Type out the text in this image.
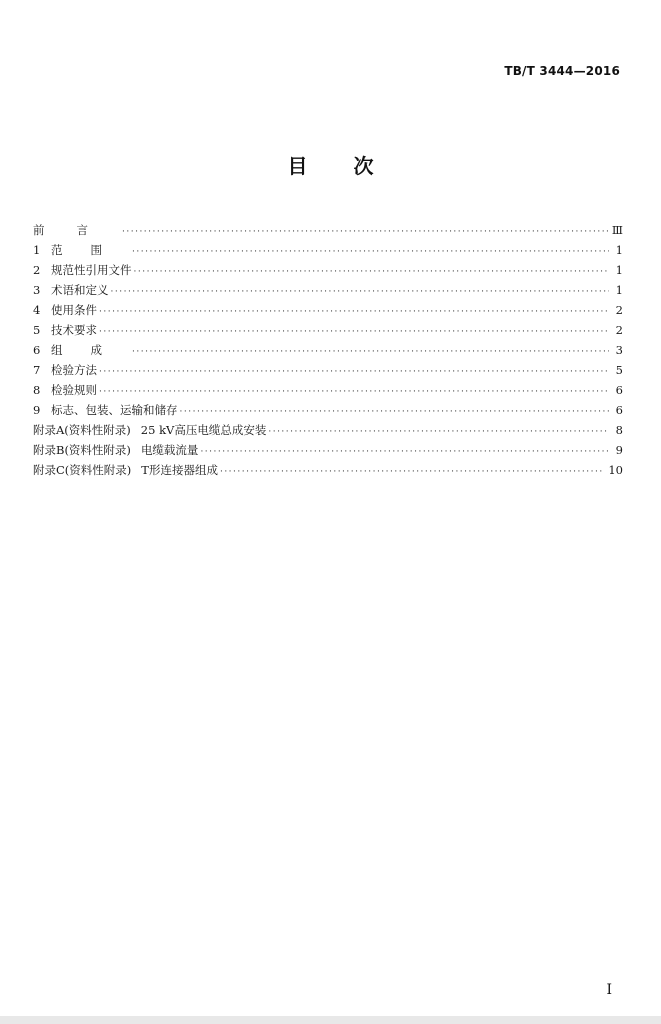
TB/T 3444—2016
目次
前言 ·····	Ⅲ
1 范围 ·····	1
2 规范性引用文件 ·····	1
3 术语和定义 ·····	1
4 使用条件 ·····	2
5 技术要求 ·····	2
6 组成 ·····	3
7 检验方法 ·····	5
8 检验规则 ·····	6
9 标志、包装、运输和储存 ·····	6
附录A(资料性附录) 25 kV高压电缆总成安装 ·····	8
附录B(资料性附录) 电缆载流量 ·····	9
附录C(资料性附录) T形连接器组成 ·····	10
I
